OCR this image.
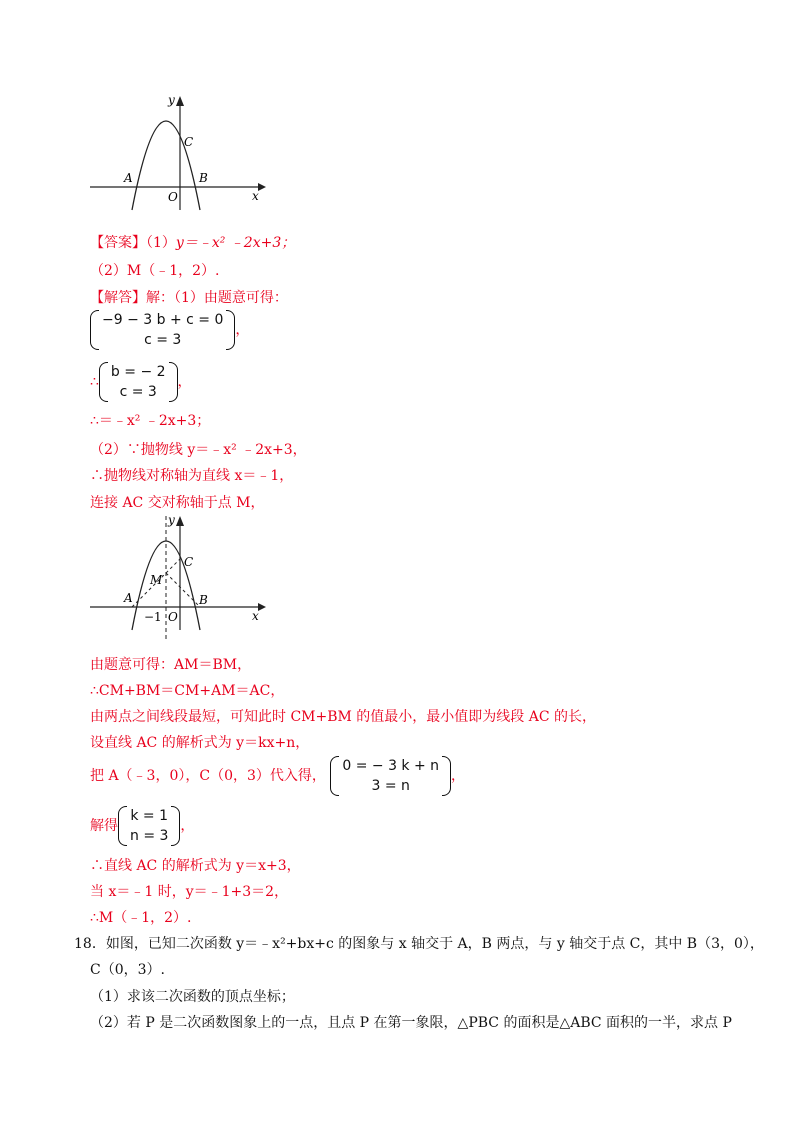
y
x
A	B
C
O
【答案】（1）y＝﹣x² ﹣2x+3；
（2）M（﹣1，2）.
【解答】解：（1）由题意可得：
−9 − 3 b + c = 0
c = 3
，
∴
b = − 2
c = 3
，
∴＝﹣x² ﹣2x+3；
（2）∵抛物线 y＝﹣x² ﹣2x+3，
∴抛物线对称轴为直线 x＝﹣1，
连接 AC 交对称轴于点 M，
y
x
A	B
C
M
O
−1
由题意可得：AM＝BM，
∴CM+BM＝CM+AM＝AC，
由两点之间线段最短，可知此时 CM+BM 的值最小，最小值即为线段 AC 的长，
设直线 AC 的解析式为 y＝kx+n，
把 A（﹣3，0），C（0，3）代入得，
0 = − 3 k + n
3 = n
，
解得
k = 1
n = 3
，
∴直线 AC 的解析式为 y＝x+3，
当 x＝﹣1 时，y＝﹣1+3＝2，
∴M（﹣1，2）.
18．如图，已知二次函数 y＝﹣x²+bx+c 的图象与 x 轴交于 A，B 两点，与 y 轴交于点 C，其中 B（3，0），
C（0，3）.
（1）求该二次函数的顶点坐标；
（2）若 P 是二次函数图象上的一点，且点 P 在第一象限，△PBC 的面积是△ABC 面积的一半，求点 P
